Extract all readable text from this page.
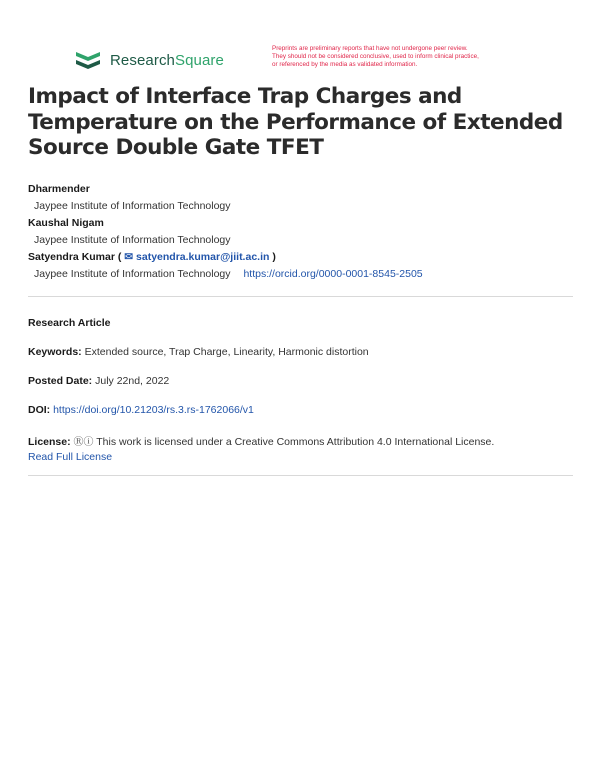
ResearchSquare
Preprints are preliminary reports that have not undergone peer review.
They should not be considered conclusive, used to inform clinical practice,
or referenced by the media as validated information.
Impact of Interface Trap Charges and Temperature on the Performance of Extended Source Double Gate TFET
Dharmender
Jaypee Institute of Information Technology
Kaushal Nigam
Jaypee Institute of Information Technology
Satyendra Kumar ( ✉ satyendra.kumar@jiit.ac.in )
Jaypee Institute of Information Technology https://orcid.org/0000-0001-8545-2505
Research Article
Keywords: Extended source, Trap Charge, Linearity, Harmonic distortion
Posted Date: July 22nd, 2022
DOI: https://doi.org/10.21203/rs.3.rs-1762066/v1
License: Ⓡⓘ This work is licensed under a Creative Commons Attribution 4.0 International License.
Read Full License
